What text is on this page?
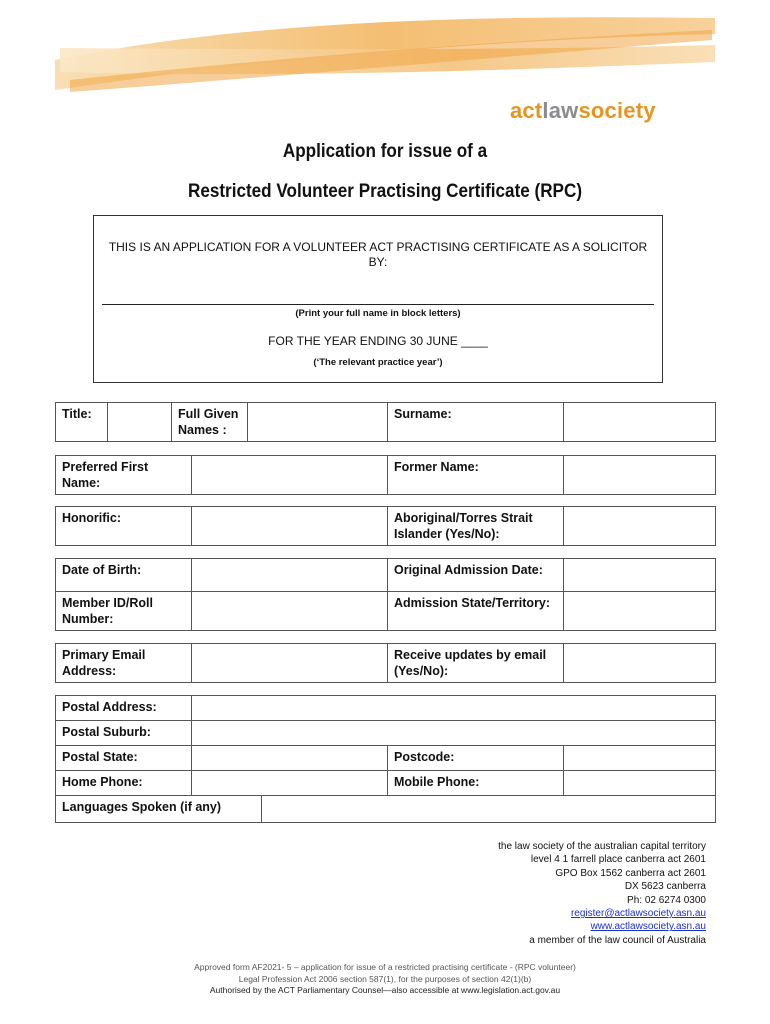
actlawsociety
Application for issue of a
Restricted Volunteer Practising Certificate (RPC)
THIS IS AN APPLICATION FOR A VOLUNTEER ACT PRACTISING CERTIFICATE AS A SOLICITOR
BY:
(Print your full name in block letters)
FOR THE YEAR ENDING 30 JUNE ____
(‘The relevant practice year’)
Title:		Full Given Names :		Surname:	
Preferred First Name:		Former Name:	
Honorific:		Aboriginal/Torres Strait Islander (Yes/No):	
Date of Birth:		Original Admission Date:	
Member ID/Roll Number:		Admission State/Territory:	
Primary Email Address:		Receive updates by email (Yes/No):	
Postal Address:				
Postal Suburb:				
Postal State:			Postcode:	
Home Phone:			Mobile Phone:	
Languages Spoken (if any)				
the law society of the australian capital territory
level 4 1 farrell place canberra act 2601
GPO Box 1562 canberra act 2601
DX 5623 canberra
Ph: 02 6274 0300
register@actlawsociety.asn.au
www.actlawsociety.asn.au
a member of the law council of Australia
Approved form AF2021- 5 – application for issue of a restricted practising certificate - (RPC volunteer)
Legal Profession Act 2006 section 587(1), for the purposes of section 42(1)(b)
Authorised by the ACT Parliamentary Counsel—also accessible at www.legislation.act.gov.au
